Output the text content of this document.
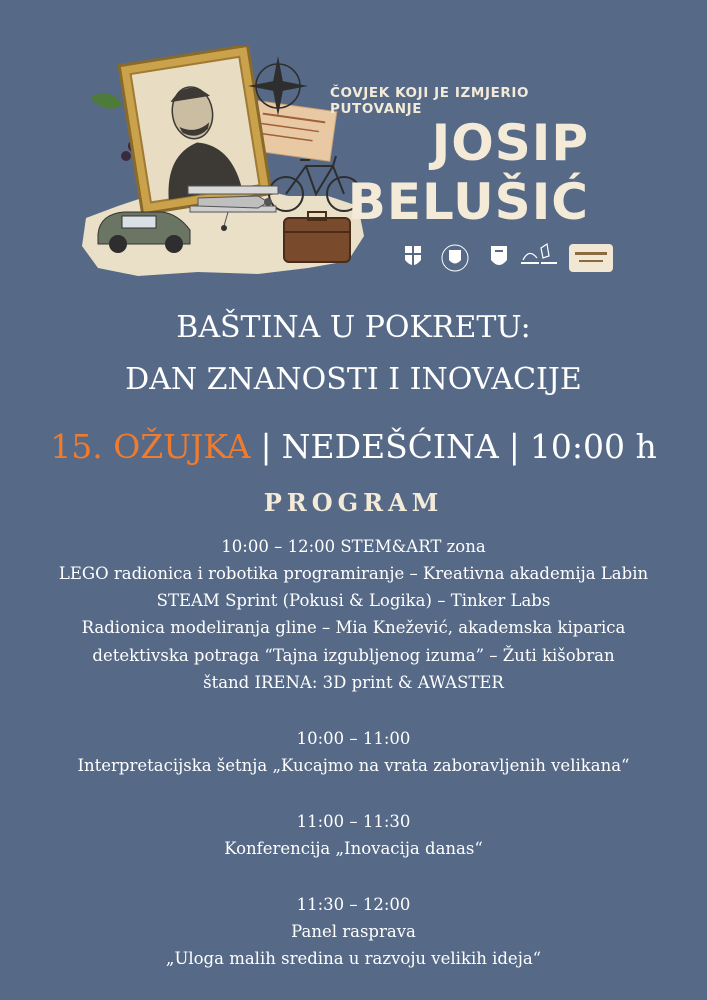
ČOVJEK KOJI JE IZMJERIO PUTOVANJE
JOSIP
BELUŠIĆ
BAŠTINA U POKRETU:
DAN ZNANOSTI I INOVACIJE
15. OŽUJKA | NEDEŠĆINA | 10:00 h
PROGRAM
10:00 – 12:00 STEM&ART zona
LEGO radionica i robotika programiranje – Kreativna akademija Labin
STEAM Sprint (Pokusi & Logika) – Tinker Labs
Radionica modeliranja gline – Mia Knežević, akademska kiparica
detektivska potraga “Tajna izgubljenog izuma” – Žuti kišobran
štand IRENA: 3D print & AWASTER
10:00 – 11:00
Interpretacijska šetnja „Kucajmo na vrata zaboravljenih velikana“
11:00 – 11:30
Konferencija „Inovacija danas“
11:30 – 12:00
Panel rasprava
„Uloga malih sredina u razvoju velikih ideja“
